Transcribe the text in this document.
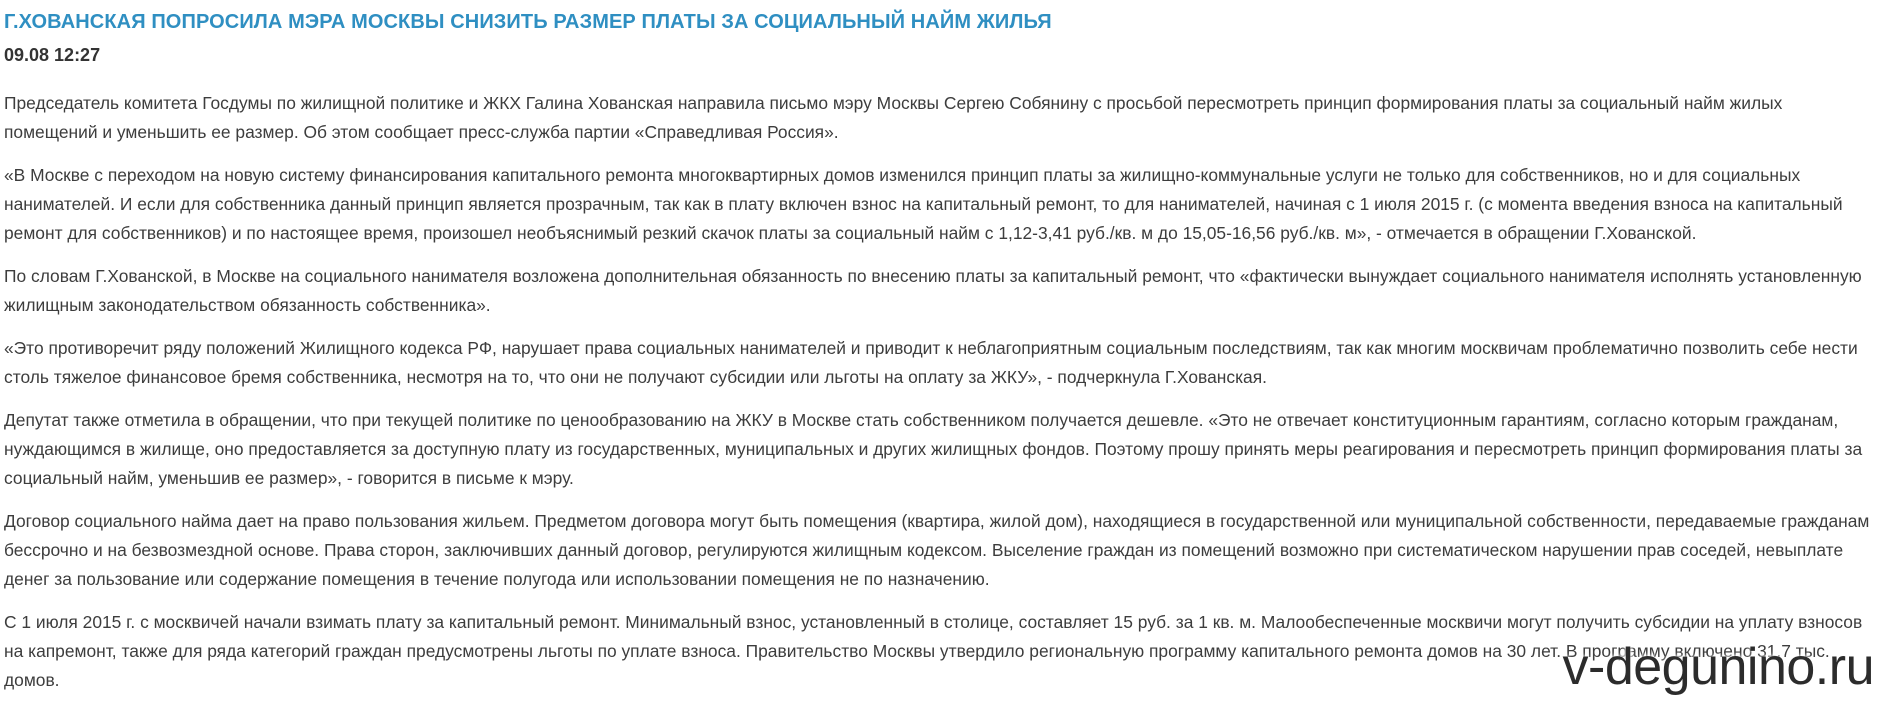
Г.ХОВАНСКАЯ ПОПРОСИЛА МЭРА МОСКВЫ СНИЗИТЬ РАЗМЕР ПЛАТЫ ЗА СОЦИАЛЬНЫЙ НАЙМ ЖИЛЬЯ
09.08 12:27

Председатель комитета Госдумы по жилищной политике и ЖКХ Галина Хованская направила письмо мэру Москвы Сергею Собянину с просьбой пересмотреть принцип формирования платы за социальный найм жилых помещений и уменьшить ее размер. Об этом сообщает пресс-служба партии «Справедливая Россия».

«В Москве с переходом на новую систему финансирования капитального ремонта многоквартирных домов изменился принцип платы за жилищно-коммунальные услуги не только для собственников, но и для социальных нанимателей. И если для собственника данный принцип является прозрачным, так как в плату включен взнос на капитальный ремонт, то для нанимателей, начиная с 1 июля 2015 г. (с момента введения взноса на капитальный ремонт для собственников) и по настоящее время, произошел необъяснимый резкий скачок платы за социальный найм с 1,12-3,41 руб./кв. м до 15,05-16,56 руб./кв. м», - отмечается в обращении Г.Хованской.

По словам Г.Хованской, в Москве на социального нанимателя возложена дополнительная обязанность по внесению платы за капитальный ремонт, что «фактически вынуждает социального нанимателя исполнять установленную жилищным законодательством обязанность собственника».

«Это противоречит ряду положений Жилищного кодекса РФ, нарушает права социальных нанимателей и приводит к неблагоприятным социальным последствиям, так как многим москвичам проблематично позволить себе нести столь тяжелое финансовое бремя собственника, несмотря на то, что они не получают субсидии или льготы на оплату за ЖКУ», - подчеркнула Г.Хованская.

Депутат также отметила в обращении, что при текущей политике по ценообразованию на ЖКУ в Москве стать собственником получается дешевле. «Это не отвечает конституционным гарантиям, согласно которым гражданам, нуждающимся в жилище, оно предоставляется за доступную плату из государственных, муниципальных и других жилищных фондов. Поэтому прошу принять меры реагирования и пересмотреть принцип формирования платы за социальный найм, уменьшив ее размер», - говорится в письме к мэру.

Договор социального найма дает на право пользования жильем. Предметом договора могут быть помещения (квартира, жилой дом), находящиеся в государственной или муниципальной собственности, передаваемые гражданам бессрочно и на безвозмездной основе. Права сторон, заключивших данный договор, регулируются жилищным кодексом. Выселение граждан из помещений возможно при систематическом нарушении прав соседей, невыплате денег за пользование или содержание помещения в течение полугода или использовании помещения не по назначению.

С 1 июля 2015 г. с москвичей начали взимать плату за капитальный ремонт. Минимальный взнос, установленный в столице, составляет 15 руб. за 1 кв. м. Малообеспеченные москвичи могут получить субсидии на уплату взносов на капремонт, также для ряда категорий граждан предусмотрены льготы по уплате взноса. Правительство Москвы утвердило региональную программу капитального ремонта домов на 30 лет. В программу включено 31,7 тыс. домов.	v-degunino.ru
